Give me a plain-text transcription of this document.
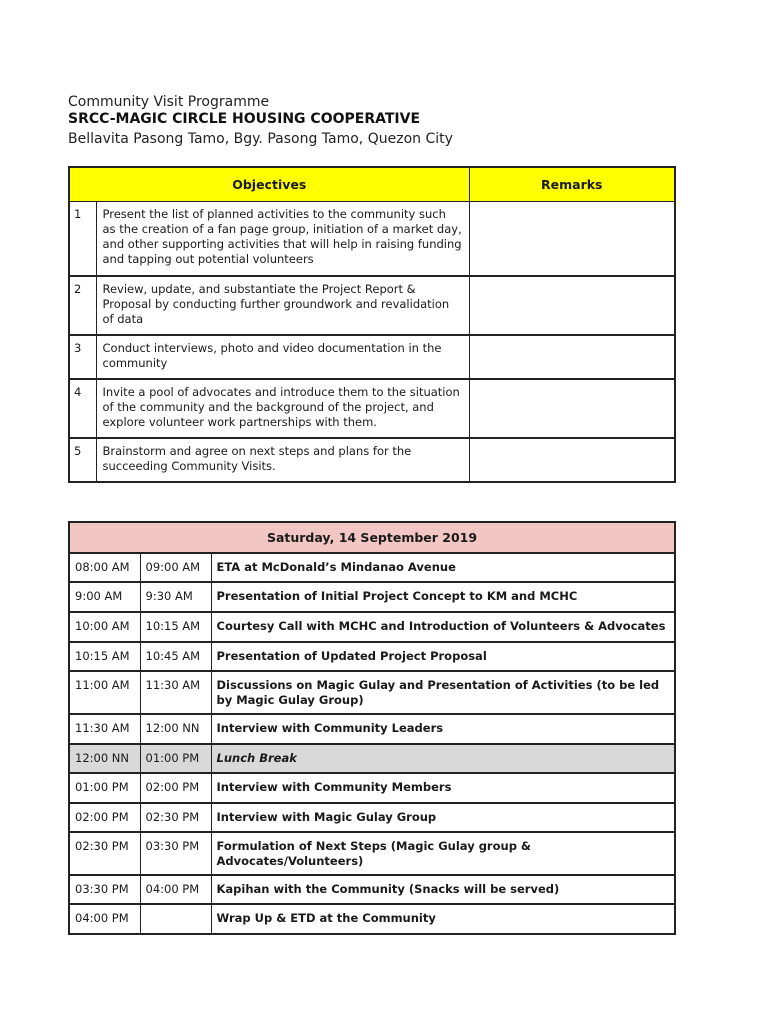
Community Visit Programme
SRCC-MAGIC CIRCLE HOUSING COOPERATIVE
Bellavita Pasong Tamo, Bgy. Pasong Tamo, Quezon City
Objectives		Remarks
1	Present the list of planned activities to the community such as the creation of a fan page group, initiation of a market day, and other supporting activities that will help in raising funding and tapping out potential volunteers	
2	Review, update, and substantiate the Project Report & Proposal by conducting further groundwork and revalidation of data	
3	Conduct interviews, photo and video documentation in the community	
4	Invite a pool of advocates and introduce them to the situation of the community and the background of the project, and explore volunteer work partnerships with them.	
5	Brainstorm and agree on next steps and plans for the succeeding Community Visits.	
Saturday, 14 September 2019		
08:00 AM	09:00 AM	ETA at McDonald’s Mindanao Avenue
9:00 AM	9:30 AM	Presentation of Initial Project Concept to KM and MCHC
10:00 AM	10:15 AM	Courtesy Call with MCHC and Introduction of Volunteers & Advocates
10:15 AM	10:45 AM	Presentation of Updated Project Proposal
11:00 AM	11:30 AM	Discussions on Magic Gulay and Presentation of Activities (to be led by Magic Gulay Group)
11:30 AM	12:00 NN	Interview with Community Leaders
12:00 NN	01:00 PM	Lunch Break
01:00 PM	02:00 PM	Interview with Community Members
02:00 PM	02:30 PM	Interview with Magic Gulay Group
02:30 PM	03:30 PM	Formulation of Next Steps (Magic Gulay group & Advocates/Volunteers)
03:30 PM	04:00 PM	Kapihan with the Community (Snacks will be served)
04:00 PM		Wrap Up & ETD at the Community
